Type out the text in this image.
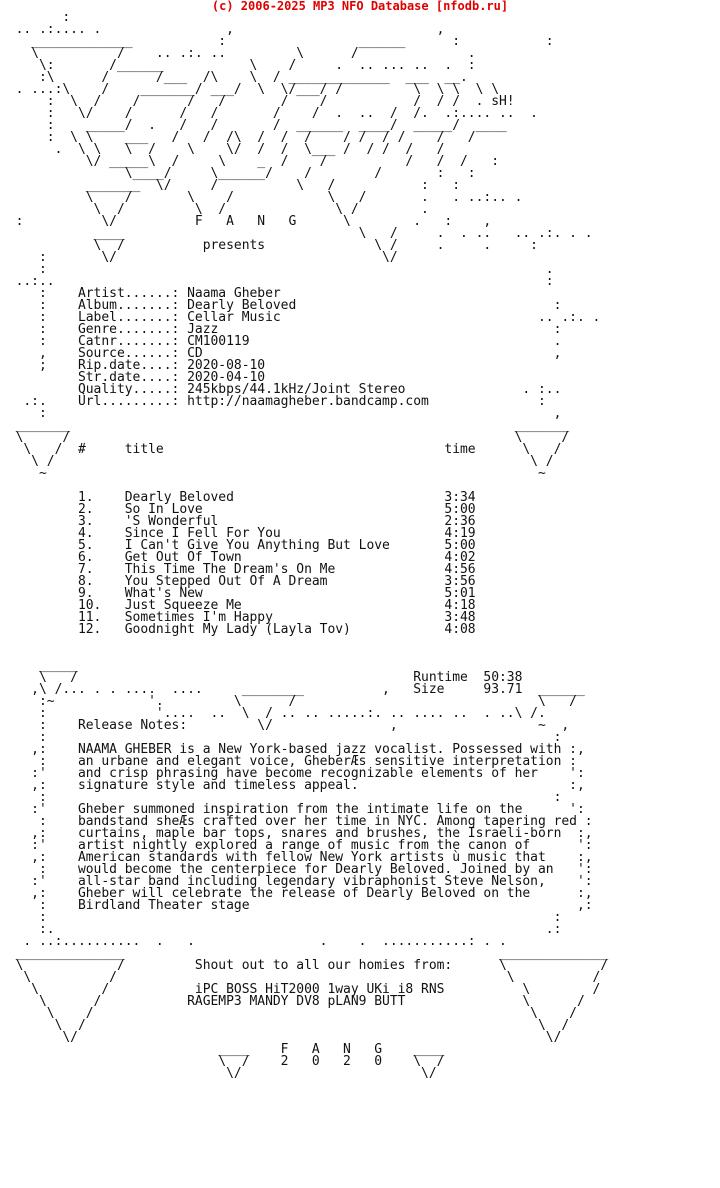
(c) 2006-2025 MP3 NFO Database [nfodb.ru]
:
.. .:.... .                ,                          ,
_____________           :                 ______      :           :
\          /    .. .:. ..         \      /              .
\:       /______           \    /     .  .. ... ..  .  :
:\      /      /___  /\    \  / _____________  ___  __.
. ...:\    /    _______/ ___/  \  \/___/ /         \  \ \  \ \
:  \  /    /      /   /       /    /           /  / /  . sH!
:   \/    /      /   /       /    /  .  ..  /  /.  .:.... ..  .
:    _____/  .   /   /       /  ______  ____/  _____/  ____
:  \ \    ___   /   /  /\  /  /  /    / /  / /    /   /
.  \ \   \  /    \    \/  /  /  \___ /  / /  /   /
\/ _____\  /     \    _  /    /          /   /  /   :
\____/     \______/    /        /       :   :
_______  \/     /          \   /           :   :
\    /       \    /            \   /       .   . ..:.. .
\  /         \  /              \ /        .
:          \/          F   A   N   G      \        .   :    ,
____                              \   /     .  . ..   .. .:. . .
\  /          presents              \ /     .     .     :
:       \/                                  \/
:                                                                .
..:..                                                               :
:    Artist......: Naama Gheber
:    Album.......: Dearly Beloved                                 :
:    Label.......: Cellar Music                                 .. .:. .
:    Genre.......: Jazz                                           :
:    Catnr.......: CM100119                                       .
,    Source......: CD                                             ,
;    Rip.date....: 2020-08-10
Str.date....: 2020-04-10
Quality.....: 245kbps/44.1kHz/Joint Stereo               . :..
.:.    Url.........: http://naamagheber.bandcamp.com              :
:                                                                 ,
_______                                                         _______
\     /                                                         \     /
\   /  #     title                                    time      \   /
\ /                                                             \ /
~                                                               ~

1.    Dearly Beloved                           3:34
2.    So In Love                               5:00
3.    'S Wonderful                             2:36
4.    Since I Fell For You                     4:19
5.    I Can't Give You Anything But Love       5:00
6.    Get Out Of Town                          4:02
7.    This Time The Dream's On Me              4:56
8.    You Stepped Out Of A Dream               3:56
9.    What's New                               5:01
10.   Just Squeeze Me                          4:18
11.   Sometimes I'm Happy                      3:48
12.   Goodnight My Lady (Layla Tov)            4:08

_____
\   /                                           Runtime  50:38
,\ /... . . ....  ....     ________          ,   Size     93.71  ______
:~            '.         \      /                               \   /
:              '....  ..  \  / .. .. .....:. .. .... ..  . ..\ /.
:    Release Notes:         \/               ,                  ~  ,
:                                                                 :
,:    NAAMA GHEBER is a New York-based jazz vocalist. Possessed with :,
:    an urbane and elegant voice, GheberÆs sensitive interpretation :
:'    and crisp phrasing have become recognizable elements of her    ':
,:    signature style and timeless appeal.                           :,
:                                                                 :
:'    Gheber summoned inspiration from the intimate life on the      ':
:    bandstand sheÆs crafted over her time in NYC. Among tapering red :
,:    curtains, maple bar tops, snares and brushes, the Israeli-born  :,
:'    artist nightly explored a range of music from the canon of      ':
,:    American standards with fellow New York artists ù music that    :,
:    would become the centerpiece for Dearly Beloved. Joined by an   ':
:'    all-star band including legendary vibraphonist Steve Nelson,    ':
,:    Gheber will celebrate the release of Dearly Beloved on the      :,
:    Birdland Theater stage                                          ,:
:                                                                 :
:.                                                               .:
. ..:..........  .   .                .    .  ...........: . .
______________                                                ______________
\            /         Shout out to all our homies from:      \            /
\          /                                                  \          /
\        /           iPC BOSS HiT2000 1way UKi i8 RNS          \        /
\      /           RAGEMP3 MANDY DV8 pLAN9 BUTT               \      /
\    /                                                        \    /
\  /                                                          \  /
\/                                                            \/
____    F   A   N   G    ____
\  /    2   0   2   0    \  /
\/                       \/
